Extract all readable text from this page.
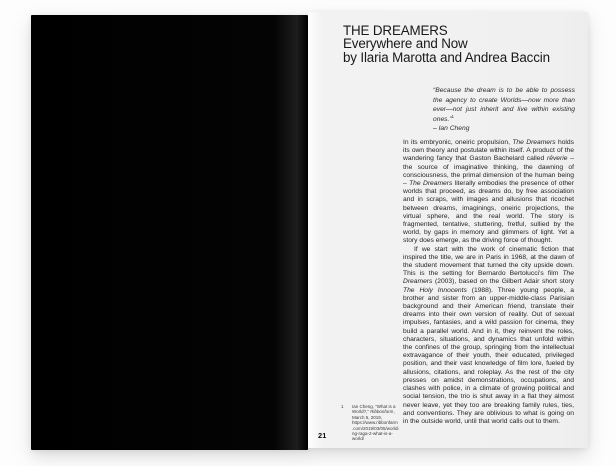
THE DREAMERS
Everywhere and Now
by Ilaria Marotta and Andrea Baccin
“Because the dream is to be able to possess the agency to create Worlds—now more than ever—not just inherit and live within existing ones.”$^1$
– Ian Cheng

In its embryonic, oneiric propulsion, The Dreamers holds its own theory and postulate within itself. A product of the wandering fancy that Gaston Bachelard called rêverie – the source of imaginative thinking, the dawning of consciousness, the primal dimension of the human being – The Dreamers literally embodies the presence of other worlds that proceed, as dreams do, by free association and in scraps, with images and allusions that ricochet between dreams, imaginings, oneiric projections, the virtual sphere, and the real world. The story is fragmented, tentative, stuttering, fretful, sullied by the world, by gaps in memory and glimmers of light. Yet a story does emerge, as the driving force of thought.

If we start with the work of cinematic fiction that inspired the title, we are in Paris in 1968, at the dawn of the student movement that turned the city upside down. This is the setting for Bernardo Bertolucci’s film The Dreamers (2003), based on the Gilbert Adair short story The Holy Innocents (1988). Three young people, a brother and sister from an upper-middle-class Parisian background and their American friend, translate their dreams into their own version of reality. Out of sexual impulses, fantasies, and a wild passion for cinema, they build a parallel world. And in it, they reinvent the roles, characters, situations, and dynamics that unfold within the confines of the group, springing from the intellectual extravagance of their youth, their educated, privileged position, and their vast knowledge of film lore, fueled by allusions, citations, and roleplay. As the rest of the city presses on amidst demonstrations, occupations, and clashes with police, in a climate of growing political and social tension, the trio is shut away in a flat they almost never leave, yet they too are breaking family rules, ties, and conventions. They are oblivious to what is going on in the outside world, until that world calls out to them.

1	Ian Cheng, “What is a World?,” Ribbonfarm, March 5, 2019, https://www.ribbonfarm.com/2019/03/05/worlding-raga-2-what-is-a-world/
21
